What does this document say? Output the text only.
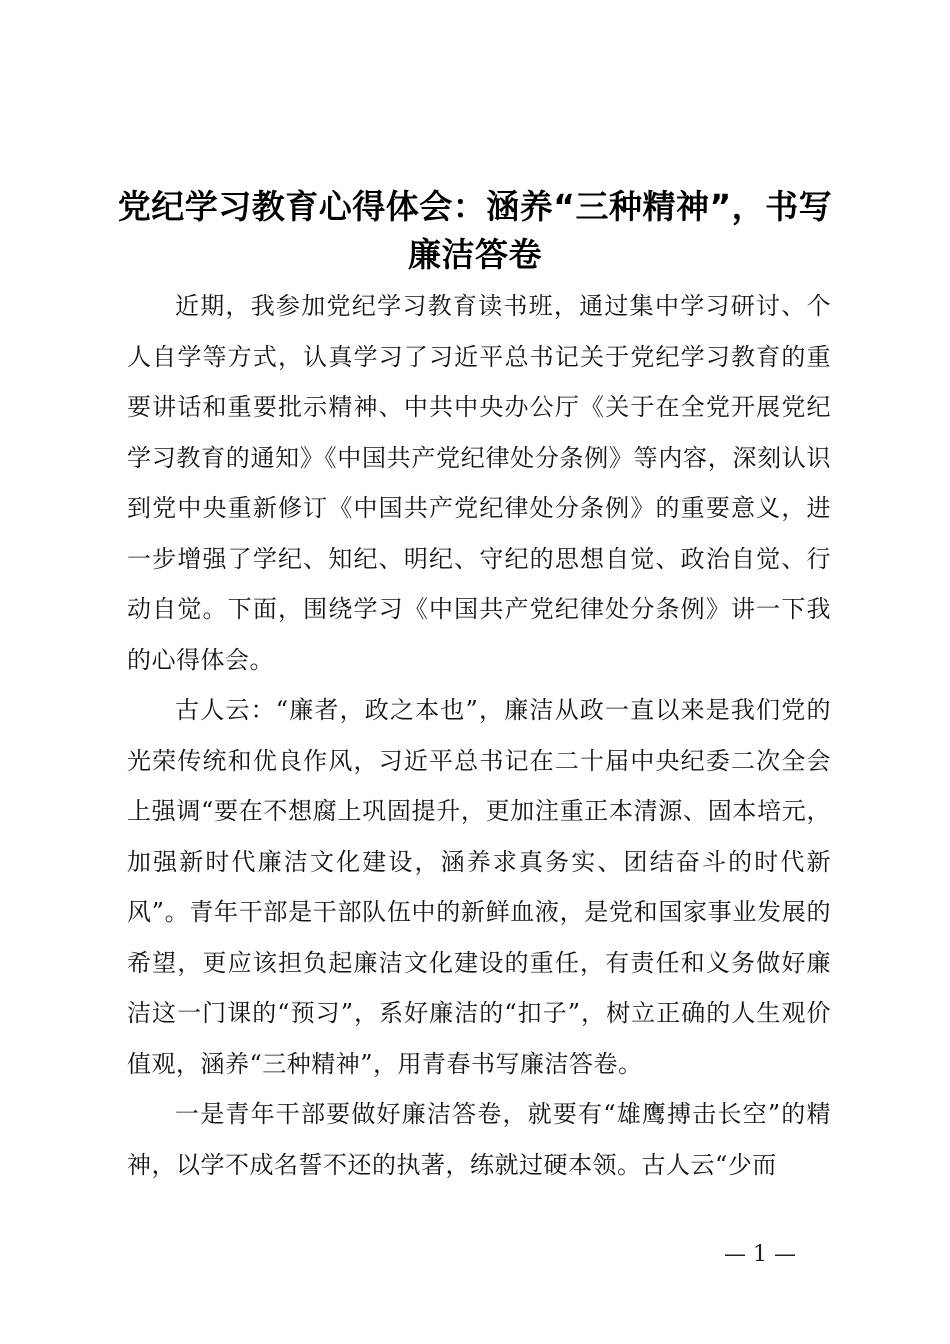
党纪学习教育心得体会：涵养“三种精神”，书写廉洁答卷

近期，我参加党纪学习教育读书班，通过集中学习研讨、个人自学等方式，认真学习了习近平总书记关于党纪学习教育的重要讲话和重要批示精神、中共中央办公厅《关于在全党开展党纪学习教育的通知》《中国共产党纪律处分条例》等内容，深刻认识到党中央重新修订《中国共产党纪律处分条例》的重要意义，进一步增强了学纪、知纪、明纪、守纪的思想自觉、政治自觉、行动自觉。下面，围绕学习《中国共产党纪律处分条例》讲一下我的心得体会。

古人云：“廉者，政之本也”，廉洁从政一直以来是我们党的光荣传统和优良作风，习近平总书记在二十届中央纪委二次全会上强调“要在不想腐上巩固提升，更加注重正本清源、固本培元，加强新时代廉洁文化建设，涵养求真务实、团结奋斗的时代新风”。青年干部是干部队伍中的新鲜血液，是党和国家事业发展的希望，更应该担负起廉洁文化建设的重任，有责任和义务做好廉洁这一门课的“预习”，系好廉洁的“扣子”，树立正确的人生观价值观，涵养“三种精神”，用青春书写廉洁答卷。

一是青年干部要做好廉洁答卷，就要有“雄鹰搏击长空”的精神，以学不成名誓不还的执著，练就过硬本领。古人云“少而

— 1 —
